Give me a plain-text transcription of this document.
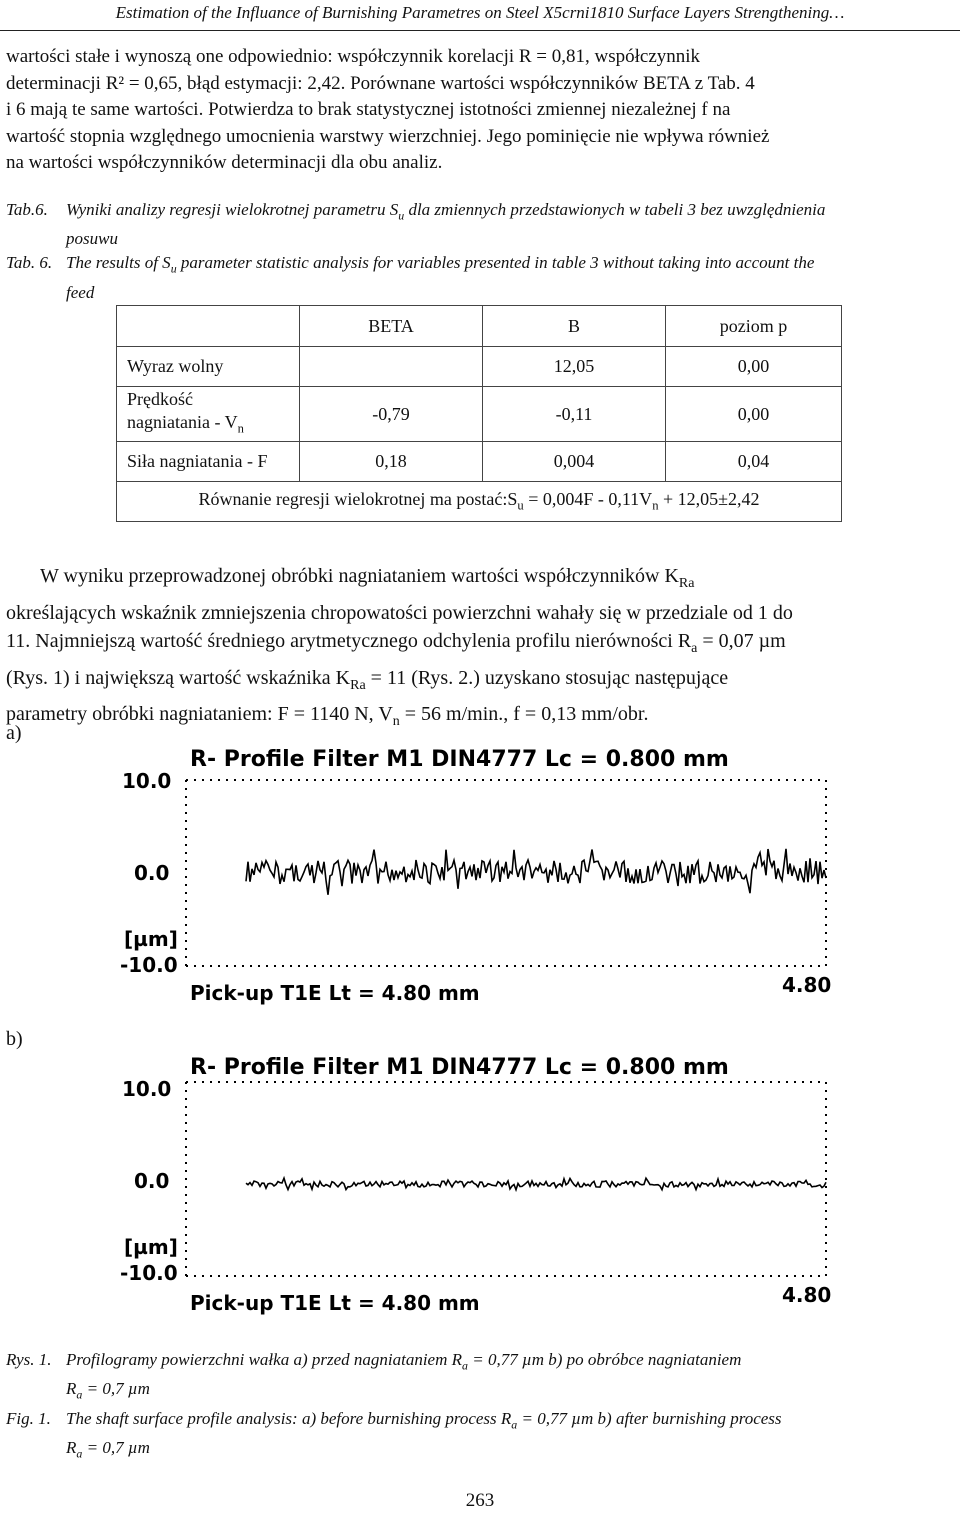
Estimation of the Influance of Burnishing Parametres on Steel X5crni1810 Surface Layers Strengthening…
wartości stałe i wynoszą one odpowiednio: współczynnik korelacji R = 0,81, współczynnik
determinacji R² = 0,65, błąd estymacji: 2,42. Porównane wartości współczynników BETA z Tab. 4
i 6 mają te same wartości. Potwierdza to brak statystycznej istotności zmiennej niezależnej f na
wartość stopnia względnego umocnienia warstwy wierzchniej. Jego pominięcie nie wpływa również
na wartości współczynników determinacji dla obu analiz.
Tab.6. Wyniki analizy regresji wielokrotnej parametru $S_u$ dla zmiennych przedstawionych w tabeli 3 bez uwzględnienia
posuwu
Tab. 6. The results of $S_u$ parameter statistic analysis for variables presented in table 3 without taking into account the
feed
	BETA	B	poziom p
Wyraz wolny		12,05	0,00

Prędkość
nagniatania - $V_n$	-0,79	-0,11	0,00
Siła nagniatania - F	0,18	0,004	0,04
Równanie regresji wielokrotnej ma $postać:S_u = 0,004F - 0,11V_n + 12,05\pm 2,42$			
W wyniku przeprowadzonej obróbki nagniataniem wartości współczynników $K_{Ra}$
określających wskaźnik zmniejszenia chropowatości powierzchni wahały się w przedziale od 1 do
11. Najmniejszą wartość średniego arytmetycznego odchylenia profilu nierówności $R_a = 0,07$ µm
(Rys. 1) i największą wartość wskaźnika $K_{Ra} = 11$ (Rys. 2.) uzyskano stosując następujące
parametry obróbki nagniataniem: F = 1140 N, $V_n = 56$ m/min., f = 0,13 mm/obr.
a)
R- Profile Filter M1 DIN4777 Lc = 0.800 mm
10.0
0.0
[µm]
-10.0
Pick-up T1E Lt = 4.80 mm	4.80
b)
R- Profile Filter M1 DIN4777 Lc = 0.800 mm
10.0
0.0
[µm]
-10.0
Pick-up T1E Lt = 4.80 mm	4.80
Rys. 1. Profilogramy powierzchni wałka a) przed nagniataniem $R_a = 0,77$ µm b) po obróbce nagniataniem
$R_a = 0,7$ µm
Fig. 1. The shaft surface profile analysis: a) before burnishing process $R_a = 0,77$ µm b) after burnishing process
$R_a = 0,7$ µm
263
